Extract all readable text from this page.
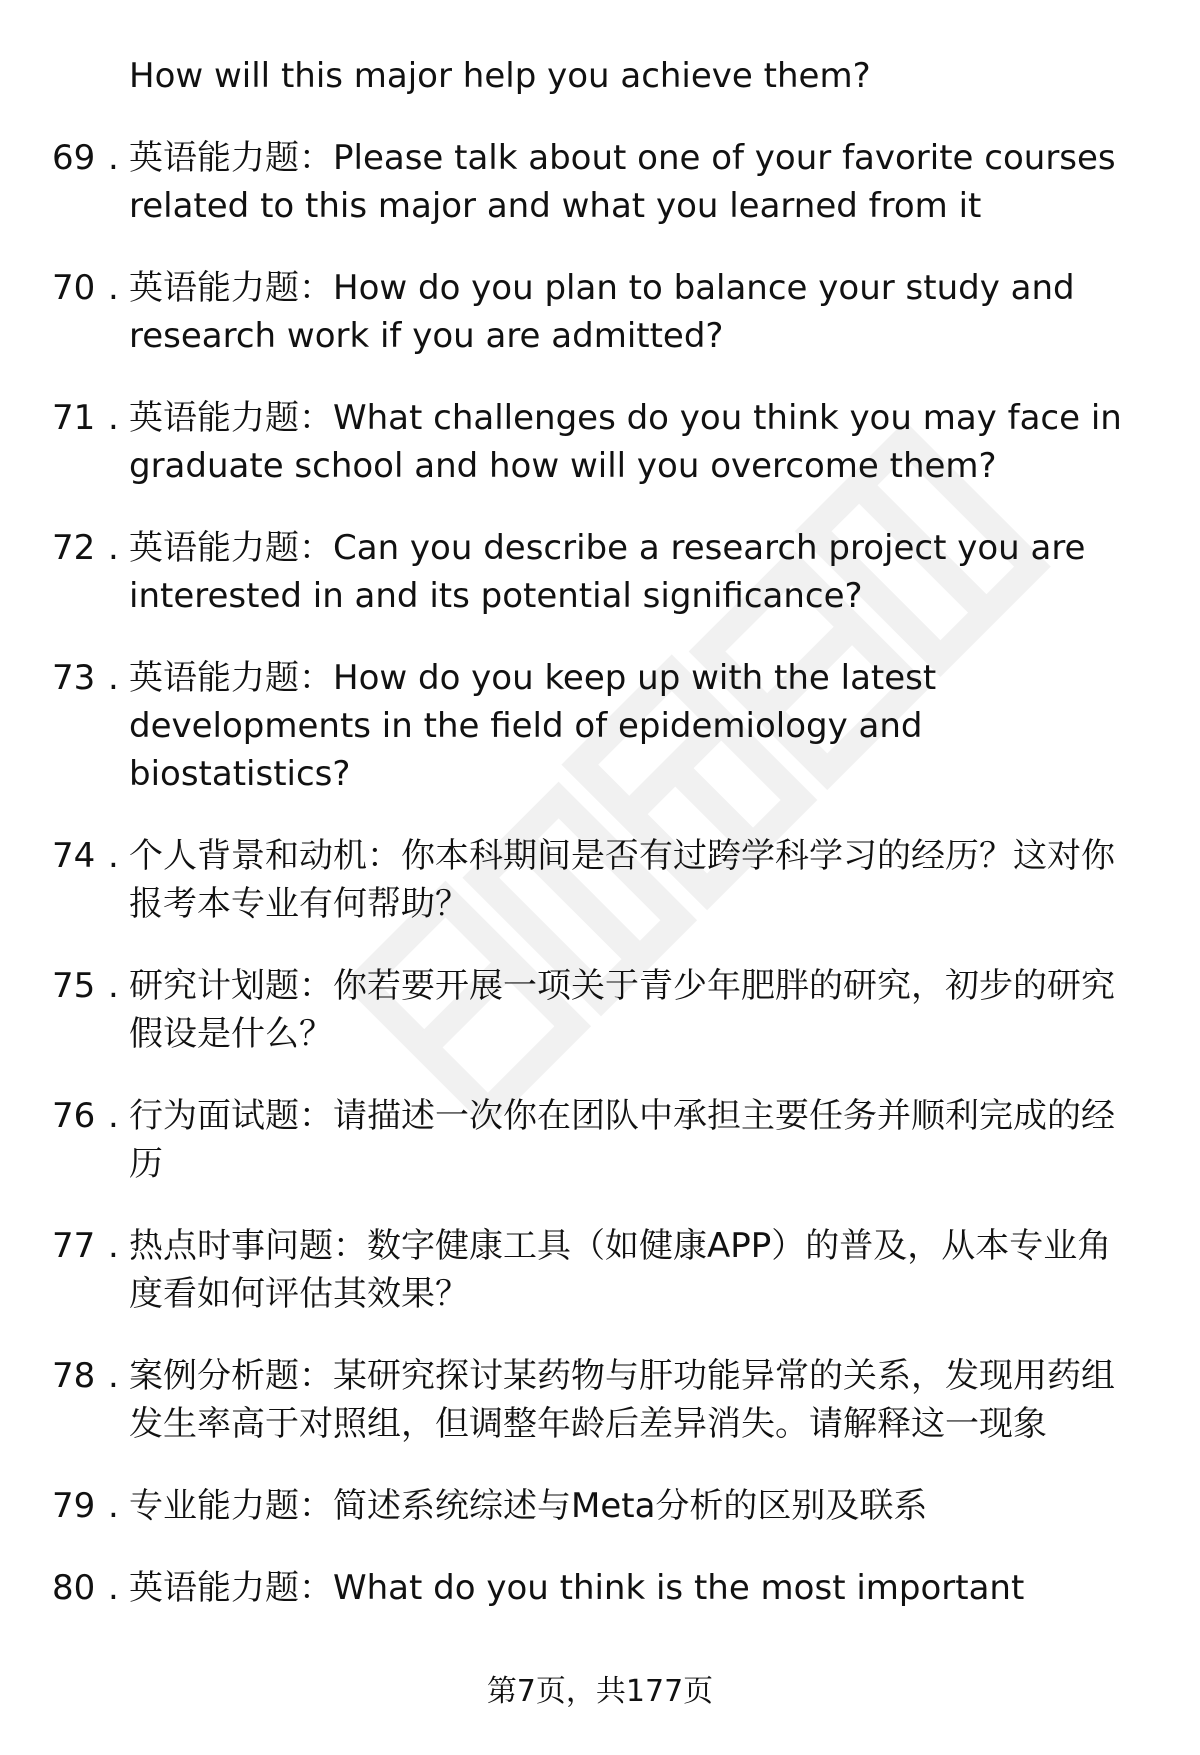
How will this major help you achieve them?
69 . 英语能力题：Please talk about one of your favorite courses related to this major and what you learned from it
70 . 英语能力题：How do you plan to balance your study and research work if you are admitted?
71 . 英语能力题：What challenges do you think you may face in graduate school and how will you overcome them?
72 . 英语能力题：Can you describe a research project you are interested in and its potential significance?
73 . 英语能力题：How do you keep up with the latest developments in the field of epidemiology and biostatistics?
74 . 个人背景和动机：你本科期间是否有过跨学科学习的经历？这对你报考本专业有何帮助？
75 . 研究计划题：你若要开展一项关于青少年肥胖的研究，初步的研究假设是什么？
76 . 行为面试题：请描述一次你在团队中承担主要任务并顺利完成的经历
77 . 热点时事问题：数字健康工具（如健康APP）的普及，从本专业角度看如何评估其效果？
78 . 案例分析题：某研究探讨某药物与肝功能异常的关系，发现用药组发生率高于对照组，但调整年龄后差异消失。请解释这一现象
79 . 专业能力题：简述系统综述与Meta分析的区别及联系
80 . 英语能力题：What do you think is the most important
第7页，共177页
